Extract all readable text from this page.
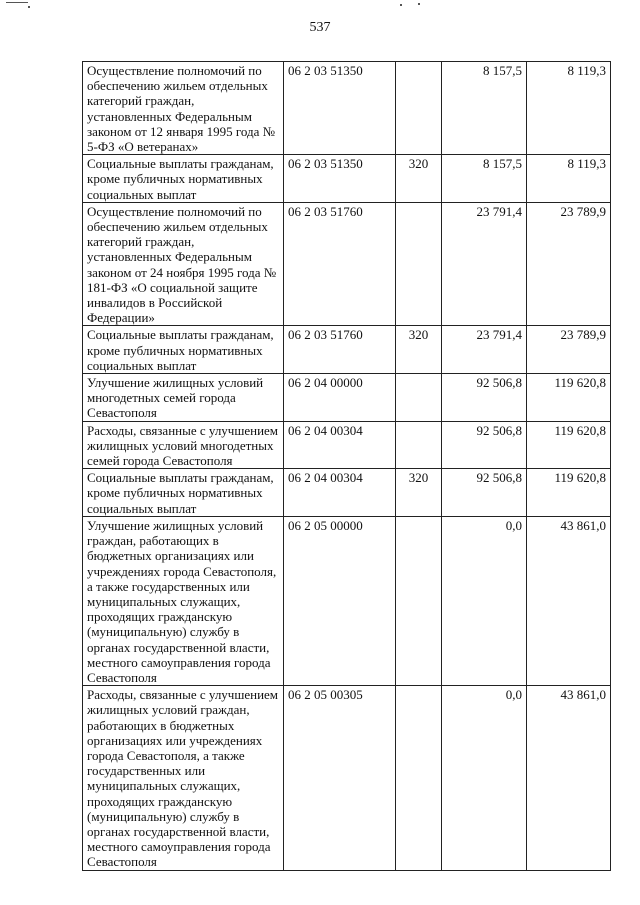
537
Осуществление полномочий по обеспечению жильем отдельных категорий граждан, установленных Федеральным законом от 12 января 1995 года № 5-ФЗ «О ветеранах»	06 2 03 51350		8 157,5	8 119,3
Социальные выплаты гражданам, кроме публичных нормативных социальных выплат	06 2 03 51350	320	8 157,5	8 119,3
Осуществление полномочий по обеспечению жильем отдельных категорий граждан, установленных Федеральным законом от 24 ноября 1995 года № 181-ФЗ «О социальной защите инвалидов в Российской Федерации»	06 2 03 51760		23 791,4	23 789,9
Социальные выплаты гражданам, кроме публичных нормативных социальных выплат	06 2 03 51760	320	23 791,4	23 789,9
Улучшение жилищных условий многодетных семей города Севастополя	06 2 04 00000		92 506,8	119 620,8
Расходы, связанные с улучшением жилищных условий многодетных семей города Севастополя	06 2 04 00304		92 506,8	119 620,8
Социальные выплаты гражданам, кроме публичных нормативных социальных выплат	06 2 04 00304	320	92 506,8	119 620,8
Улучшение жилищных условий граждан, работающих в бюджетных организациях или учреждениях города Севастополя, а также государственных или муниципальных служащих, проходящих гражданскую (муниципальную) службу в органах государственной власти, местного самоуправления города Севастополя	06 2 05 00000		0,0	43 861,0
Расходы, связанные с улучшением жилищных условий граждан, работающих в бюджетных организациях или учреждениях города Севастополя, а также государственных или муниципальных служащих, проходящих гражданскую (муниципальную) службу в органах государственной власти, местного самоуправления города Севастополя	06 2 05 00305		0,0	43 861,0
